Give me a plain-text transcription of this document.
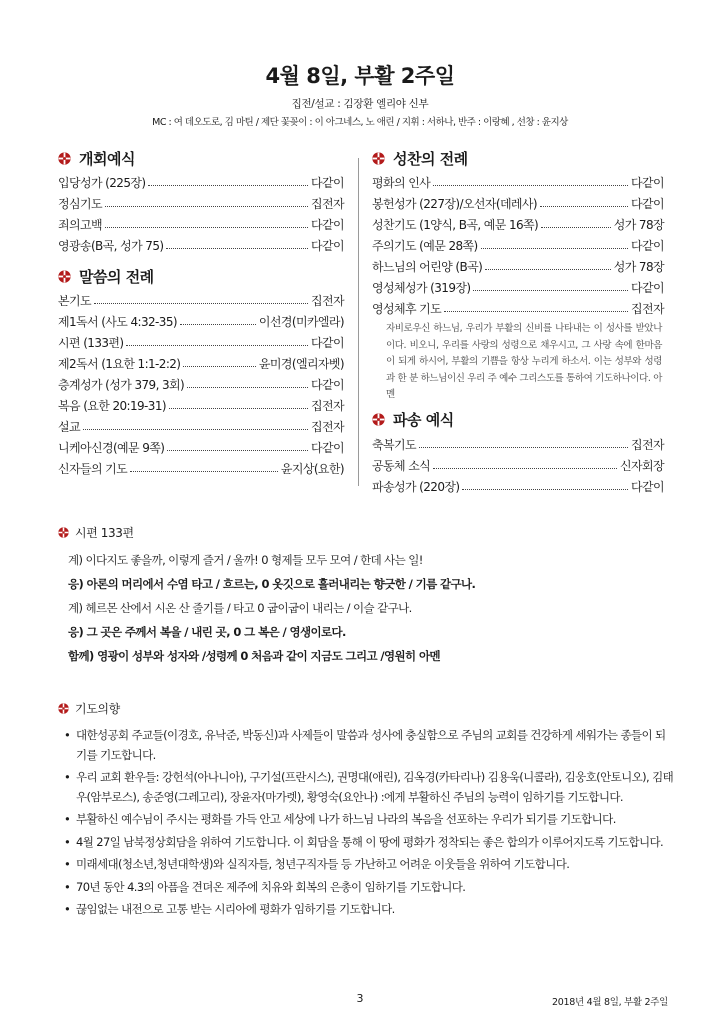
4월 8일, 부활 2주일
집전/설교 : 김장환 엘리야 신부
MC : 여 데오도로, 김 마틴 / 제단 꽃꽂이 : 이 아그네스, 노 애린 / 지휘 : 서하나, 반주 : 이랑혜 , 선창 : 윤지상
개회예식
입당성가 (225장)	다같이
정심기도	집전자
죄의고백	다같이
영광송(B곡, 성가 75)	다같이
말씀의 전례
본기도	집전자
제1독서 (사도 4:32-35)	이선경(미카엘라)
시편 (133편)	다같이
제2독서 (1요한 1:1-2:2)	윤미경(엘리자벳)
층계성가 (성가 379, 3회)	다같이
복음 (요한 20:19-31)	집전자
설교	집전자
니케아신경(예문 9쪽)	다같이
신자들의 기도	윤지상(요한)
성찬의 전례
평화의 인사	다같이
봉헌성가 (227장)/오선자(데레사)	다같이
성찬기도 (1양식, B곡, 예문 16쪽)	성가 78장
주의기도 (예문 28쪽)	다같이
하느님의 어린양 (B곡)	성가 78장
영성체성가 (319장)	다같이
영성체후 기도	집전자
자비로우신 하느님, 우리가 부활의 신비를 나타내는 이 성사를 받았나이다. 비오니, 우리를 사랑의 성령으로 채우시고, 그 사랑 속에 한마음이 되게 하시어, 부활의 기쁨을 항상 누리게 하소서. 이는 성부와 성령과 한 분 하느님이신 우리 주 예수 그리스도를 통하여 기도하나이다. 아멘
파송 예식
축복기도	집전자
공동체 소식	신자회장
파송성가 (220장)	다같이
시편 133편
계) 이다지도 좋을까, 이렇게 즐거 / 울까! 0 형제들 모두 모여 / 한데 사는 일!
응) 아론의 머리에서 수염 타고 / 흐르는, 0 옷깃으로 흘러내리는 향긋한 / 기름 같구나.
계) 헤르몬 산에서 시온 산 줄기를 / 타고 0 굽이굽이 내리는 / 이슬 같구나.
응) 그 곳은 주께서 복을 / 내린 곳, 0 그 복은 / 영생이로다.
함께) 영광이 성부와 성자와 /성령께 0 처음과 같이 지금도 그리고 /영원히 아멘
기도의향
• 대한성공회 주교들(이경호, 유낙준, 박동신)과 사제들이 말씀과 성사에 충실함으로 주님의 교회를 건강하게 세워가는 종들이 되기를 기도합니다.
• 우리 교회 환우들: 강헌석(아나니아), 구기설(프란시스), 권명대(애린), 김옥경(카타리나) 김용욱(니콜라), 김웅호(안토니오), 김태우(암부로스), 송준영(그레고리), 장윤자(마가렛), 황영숙(요안나) :에게 부활하신 주님의 능력이 임하기를 기도합니다.
• 부활하신 예수님이 주시는 평화를 가득 안고 세상에 나가 하느님 나라의 복음을 선포하는 우리가 되기를 기도합니다.
• 4월 27일 남북정상회담을 위하여 기도합니다. 이 회담을 통해 이 땅에 평화가 정착되는 좋은 합의가 이루어지도록 기도합니다.
• 미래세대(청소년,청년대학생)와 실직자들, 청년구직자들 등 가난하고 어려운 이웃들을 위하여 기도합니다.
• 70년 동안 4.3의 아픔을 견뎌온 제주에 치유와 회복의 은총이 임하기를 기도합니다.
• 끊임없는 내전으로 고통 받는 시리아에 평화가 임하기를 기도합니다.
3	2018년 4월 8일, 부활 2주일
